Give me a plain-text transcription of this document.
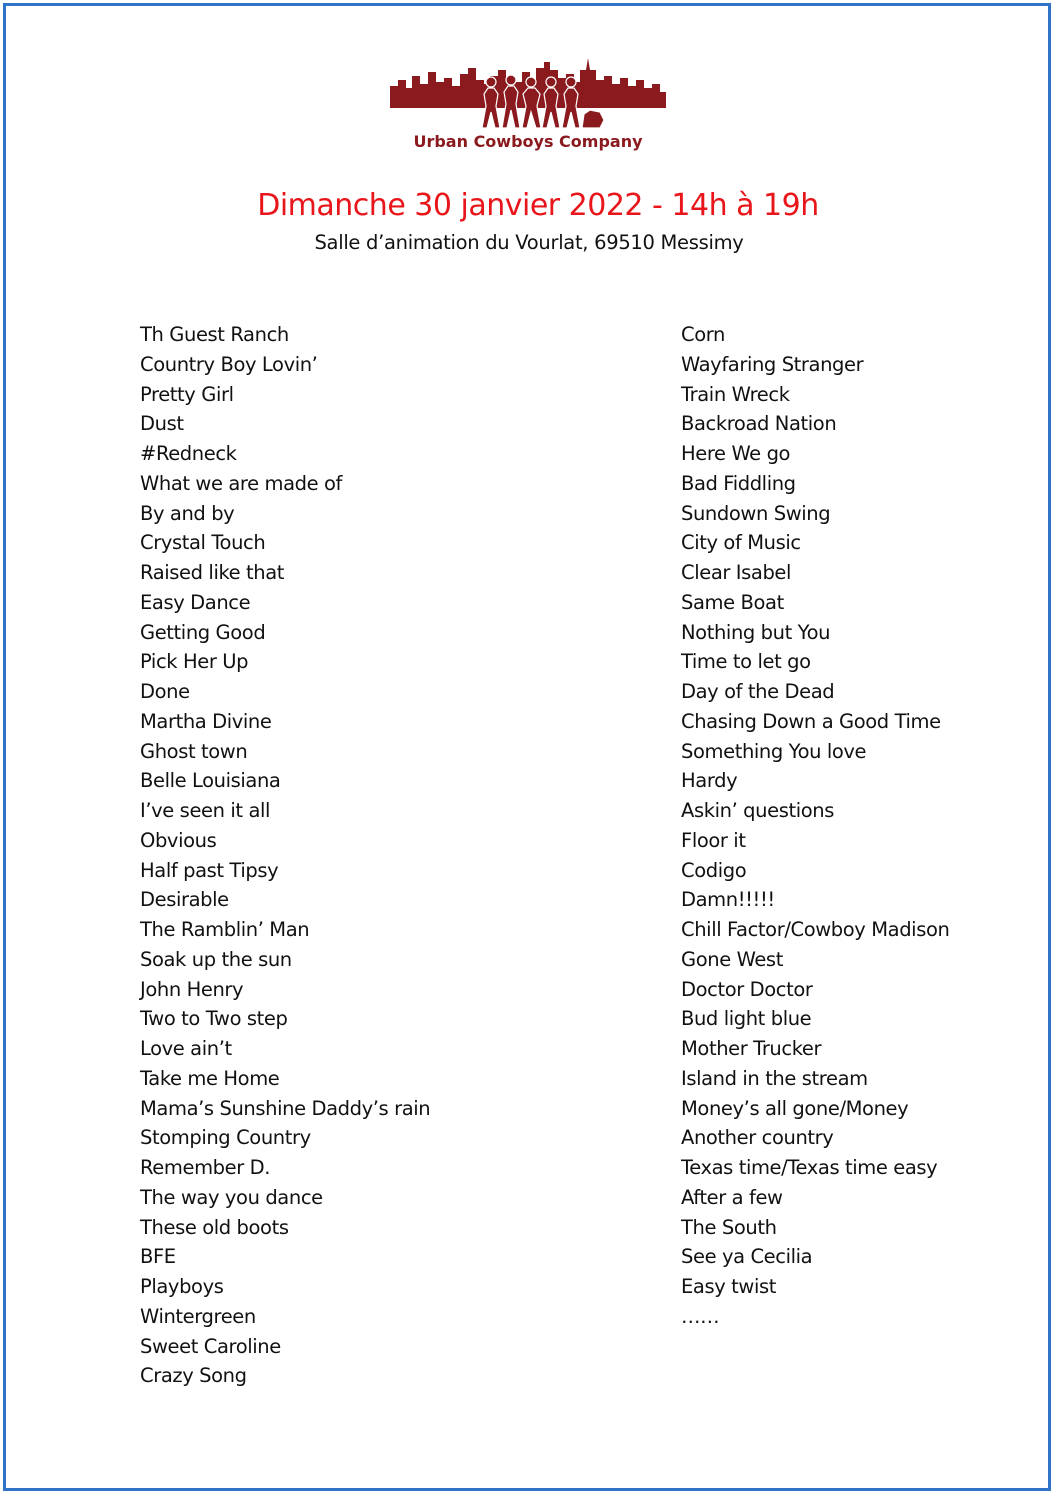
Urban Cowboys Company
Dimanche 30 janvier 2022 - 14h à 19h
Salle d’animation du Vourlat, 69510 Messimy
Th Guest Ranch
Country Boy Lovin’
Pretty Girl
Dust
#Redneck
What we are made of
By and by
Crystal Touch
Raised like that
Easy Dance
Getting Good
Pick Her Up
Done
Martha Divine
Ghost town
Belle Louisiana
I’ve seen it all
Obvious
Half past Tipsy
Desirable
The Ramblin’ Man
Soak up the sun
John Henry
Two to Two step
Love ain’t
Take me Home
Mama’s Sunshine Daddy’s rain
Stomping Country
Remember D.
The way you dance
These old boots
BFE
Playboys
Wintergreen
Sweet Caroline
Crazy Song
Corn
Wayfaring Stranger
Train Wreck
Backroad Nation
Here We go
Bad Fiddling
Sundown Swing
City of Music
Clear Isabel
Same Boat
Nothing but You
Time to let go
Day of the Dead
Chasing Down a Good Time
Something You love
Hardy
Askin’ questions
Floor it
Codigo
Damn!!!!!
Chill Factor/Cowboy Madison
Gone West
Doctor Doctor
Bud light blue
Mother Trucker
Island in the stream
Money’s all gone/Money
Another country
Texas time/Texas time easy
After a few
The South
See ya Cecilia
Easy twist
……
